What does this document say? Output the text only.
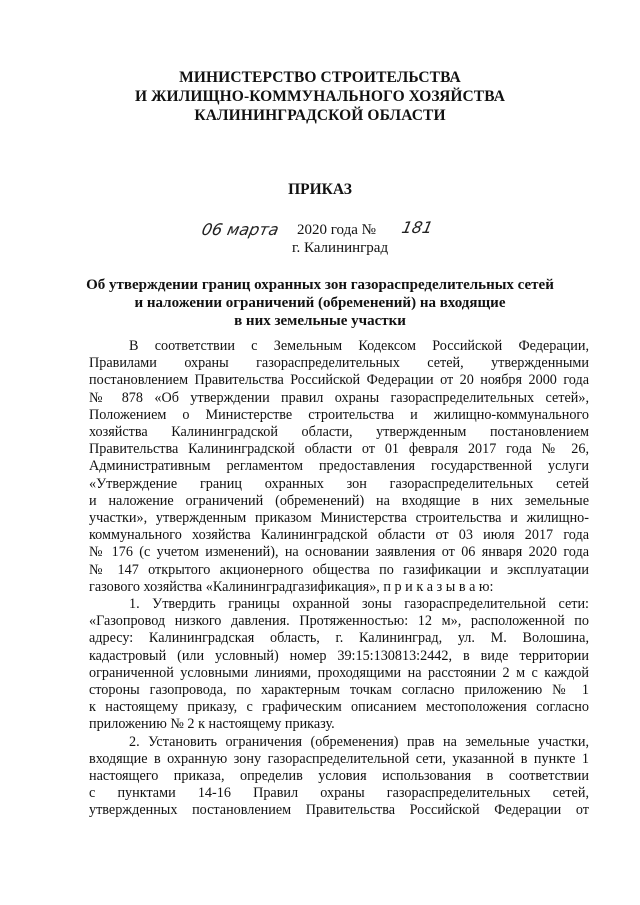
МИНИСТЕРСТВО СТРОИТЕЛЬСТВА
И ЖИЛИЩНО-КОММУНАЛЬНОГО ХОЗЯЙСТВА
КАЛИНИНГРАДСКОЙ ОБЛАСТИ
ПРИКАЗ
06 марта 2020 года № 181
г. Калининград
Об утверждении границ охранных зон газораспределительных сетей
и наложении ограничений (обременений) на входящие
в них земельные участки
В соответствии с Земельным Кодексом Российской Федерации,
Правилами охраны газораспределительных сетей, утвержденными
постановлением Правительства Российской Федерации от 20 ноября 2000 года
№ 878 «Об утверждении правил охраны газораспределительных сетей»,
Положением о Министерстве строительства и жилищно-коммунального
хозяйства Калининградской области, утвержденным постановлением
Правительства Калининградской области от 01 февраля 2017 года № 26,
Административным регламентом предоставления государственной услуги
«Утверждение границ охранных зон газораспределительных сетей
и наложение ограничений (обременений) на входящие в них земельные
участки», утвержденным приказом Министерства строительства и жилищно-
коммунального хозяйства Калининградской области от 03 июля 2017 года
№ 176 (с учетом изменений), на основании заявления от 06 января 2020 года
№ 147 открытого акционерного общества по газификации и эксплуатации
газового хозяйства «Калининградгазификация», п р и к а з ы в а ю:
1. Утвердить границы охранной зоны газораспределительной сети:
«Газопровод низкого давления. Протяженностью: 12 м», расположенной по
адресу: Калининградская область, г. Калининград, ул. М. Волошина,
кадастровый (или условный) номер 39:15:130813:2442, в виде территории
ограниченной условными линиями, проходящими на расстоянии 2 м с каждой
стороны газопровода, по характерным точкам согласно приложению № 1
к настоящему приказу, с графическим описанием местоположения согласно
приложению № 2 к настоящему приказу.
2. Установить ограничения (обременения) прав на земельные участки,
входящие в охранную зону газораспределительной сети, указанной в пункте 1
настоящего приказа, определив условия использования в соответствии
с пунктами 14-16 Правил охраны газораспределительных сетей,
утвержденных постановлением Правительства Российской Федерации от
